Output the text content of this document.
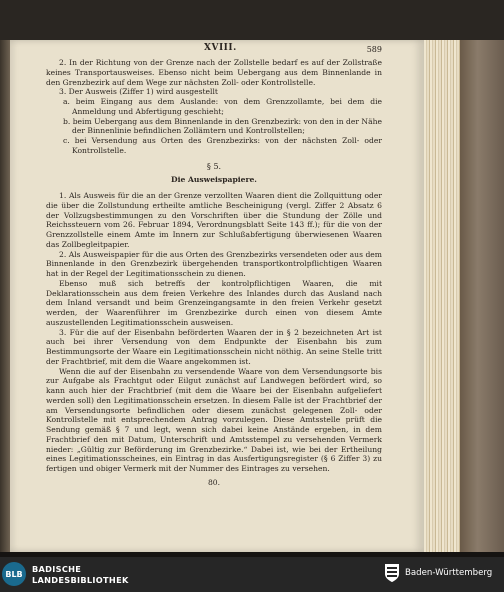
XVIII.	589

2. In der Richtung von der Grenze nach der Zollstelle bedarf es auf der Zollstraße keines Transportausweises. Ebenso nicht beim Uebergang aus dem Binnenlande in den Grenzbezirk auf dem Wege zur nächsten Zoll- oder Kontrollstelle.

3. Der Ausweis (Ziffer 1) wird ausgestellt

a. beim Eingang aus dem Auslande: von dem Grenzzollamte, bei dem die Anmeldung und Abfertigung geschieht;

b. beim Uebergang aus dem Binnenlande in den Grenzbezirk: von den in der Nähe der Binnenlinie befindlichen Zollämtern und Kontrollstellen;

c. bei Versendung aus Orten des Grenzbezirks: von der nächsten Zoll- oder Kontrollstelle.

§ 5.
Die Ausweispapiere.

1. Als Ausweis für die an der Grenze verzollten Waaren dient die Zollquittung oder die über die Zollstundung ertheilte amtliche Bescheinigung (vergl. Ziffer 2 Absatz 6 der Vollzugsbestimmungen zu den Vorschriften über die Stundung der Zölle und Reichssteuern vom 26. Februar 1894, Verordnungsblatt Seite 143 ff.); für die von der Grenzzollstelle einem Amte im Innern zur Schlußabfertigung überwiesenen Waaren das Zollbegleitpapier.

2. Als Ausweispapier für die aus Orten des Grenzbezirks versendeten oder aus dem Binnenlande in den Grenzbezirk übergehenden transportkontrolpflichtigen Waaren hat in der Regel der Legitimationsschein zu dienen.

Ebenso muß sich betreffs der kontrolpflichtigen Waaren, die mit Deklarationsschein aus dem freien Verkehre des Inlandes durch das Ausland nach dem Inland versandt und beim Grenzeingangsamte in den freien Verkehr gesetzt werden, der Waarenführer im Grenzbezirke durch einen von diesem Amte auszustellenden Legitimationsschein ausweisen.

3. Für die auf der Eisenbahn beförderten Waaren der in § 2 bezeichneten Art ist auch bei ihrer Versendung von dem Endpunkte der Eisenbahn bis zum Bestimmungsorte der Waare ein Legitimationsschein nicht nöthig. An seine Stelle tritt der Frachtbrief, mit dem die Waare angekommen ist.

Wenn die auf der Eisenbahn zu versendende Waare von dem Versendungsorte bis zur Aufgabe als Frachtgut oder Eilgut zunächst auf Landwegen befördert wird, so kann auch hier der Frachtbrief (mit dem die Waare bei der Eisenbahn aufgeliefert werden soll) den Legitimationsschein ersetzen. In diesem Falle ist der Frachtbrief der am Versendungsorte befindlichen oder diesem zunächst gelegenen Zoll- oder Kontrollstelle mit entsprechendem Antrag vorzulegen. Diese Amtsstelle prüft die Sendung gemäß § 7 und legt, wenn sich dabei keine Anstände ergeben, in dem Frachtbrief den mit Datum, Unterschrift und Amtsstempel zu versehenden Vermerk nieder: „Gültig zur Beförderung im Grenzbezirke.“ Dabei ist, wie bei der Ertheilung eines Legitimationsscheines, ein Eintrag in das Ausfertigungsregister (§ 6 Ziffer 3) zu fertigen und obiger Vermerk mit der Nummer des Eintrages zu versehen.

80.
BLB	BADISCHE
LANDESBIBLIOTHEK
Baden-Württemberg
